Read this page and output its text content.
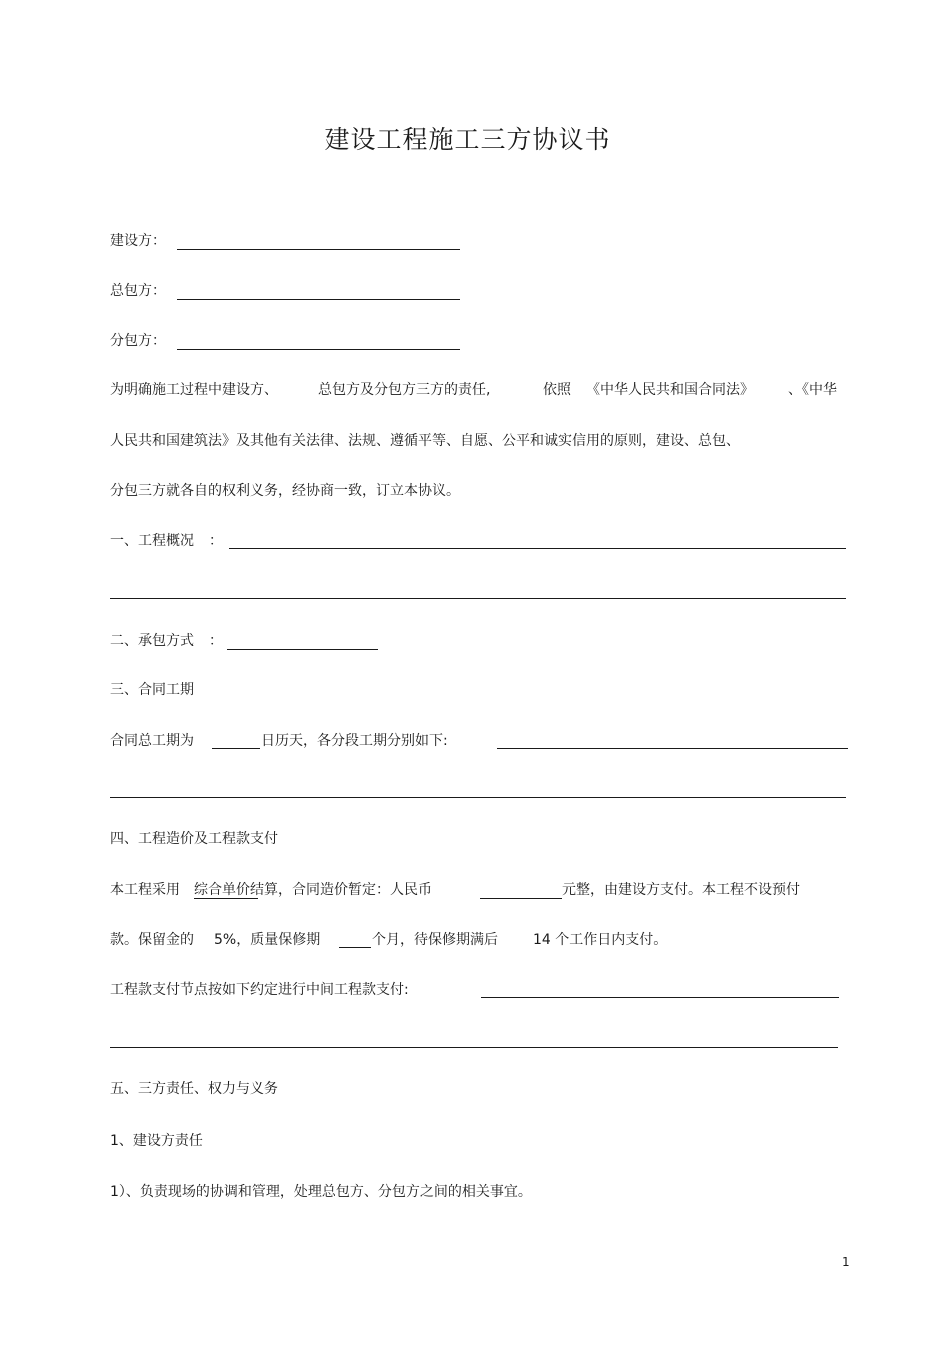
建设工程施工三方协议书
建设方：
总包方：
分包方：
为明确施工过程中建设方、	总包方及分包方三方的责任,	依照 《中华人民共和国合同法》 、《中华
人民共和国建筑法》及其他有关法律、法规、遵循平等、自愿、公平和诚实信用的原则，建设、总包、
分包三方就各自的权利义务，经协商一致，订立本协议。
一、工程概况 ：
二、承包方式 ：
三、合同工期
合同总工期为	日历天，各分段工期分别如下:
四、工程造价及工程款支付
本工程采用 综合单价结 算，合同造价暂定：人民币	元整，由建设方支付。本工程不设预付
款。保留金的 5%，质量保修期	个月，待保修期满后	14 个工作日内支付。
工程款支付节点按如下约定进行中间工程款支付:
五、三方责任、权力与义务
1、建设方责任
1）、负责现场的协调和管理，处理总包方、分包方之间的相关事宜。
1
